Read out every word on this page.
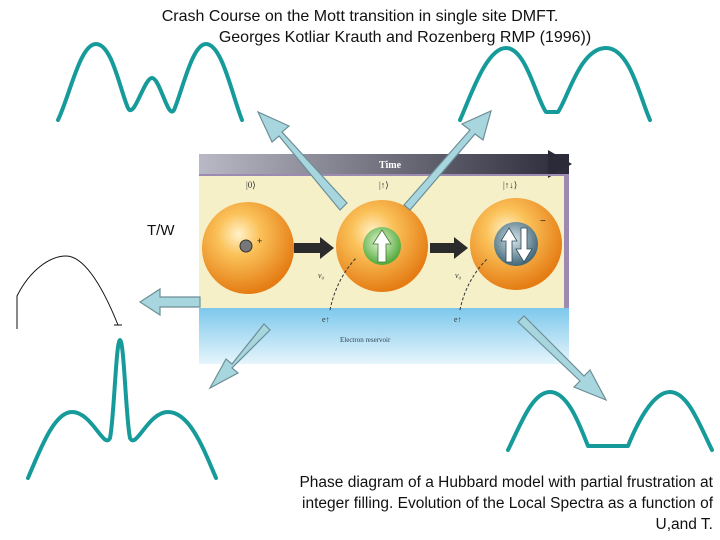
Crash Course on the Mott transition in single site DMFT.
Georges Kotliar Krauth and Rozenberg RMP (1996))
Time
Electron reservoir
|0⟩	|↑⟩	|↑↓⟩
+
−
v₀	v₀
e↑	e↑
T/W
Phase diagram of a Hubbard model with partial frustration at
integer filling. Evolution of the Local Spectra as a function of
U,and T.
